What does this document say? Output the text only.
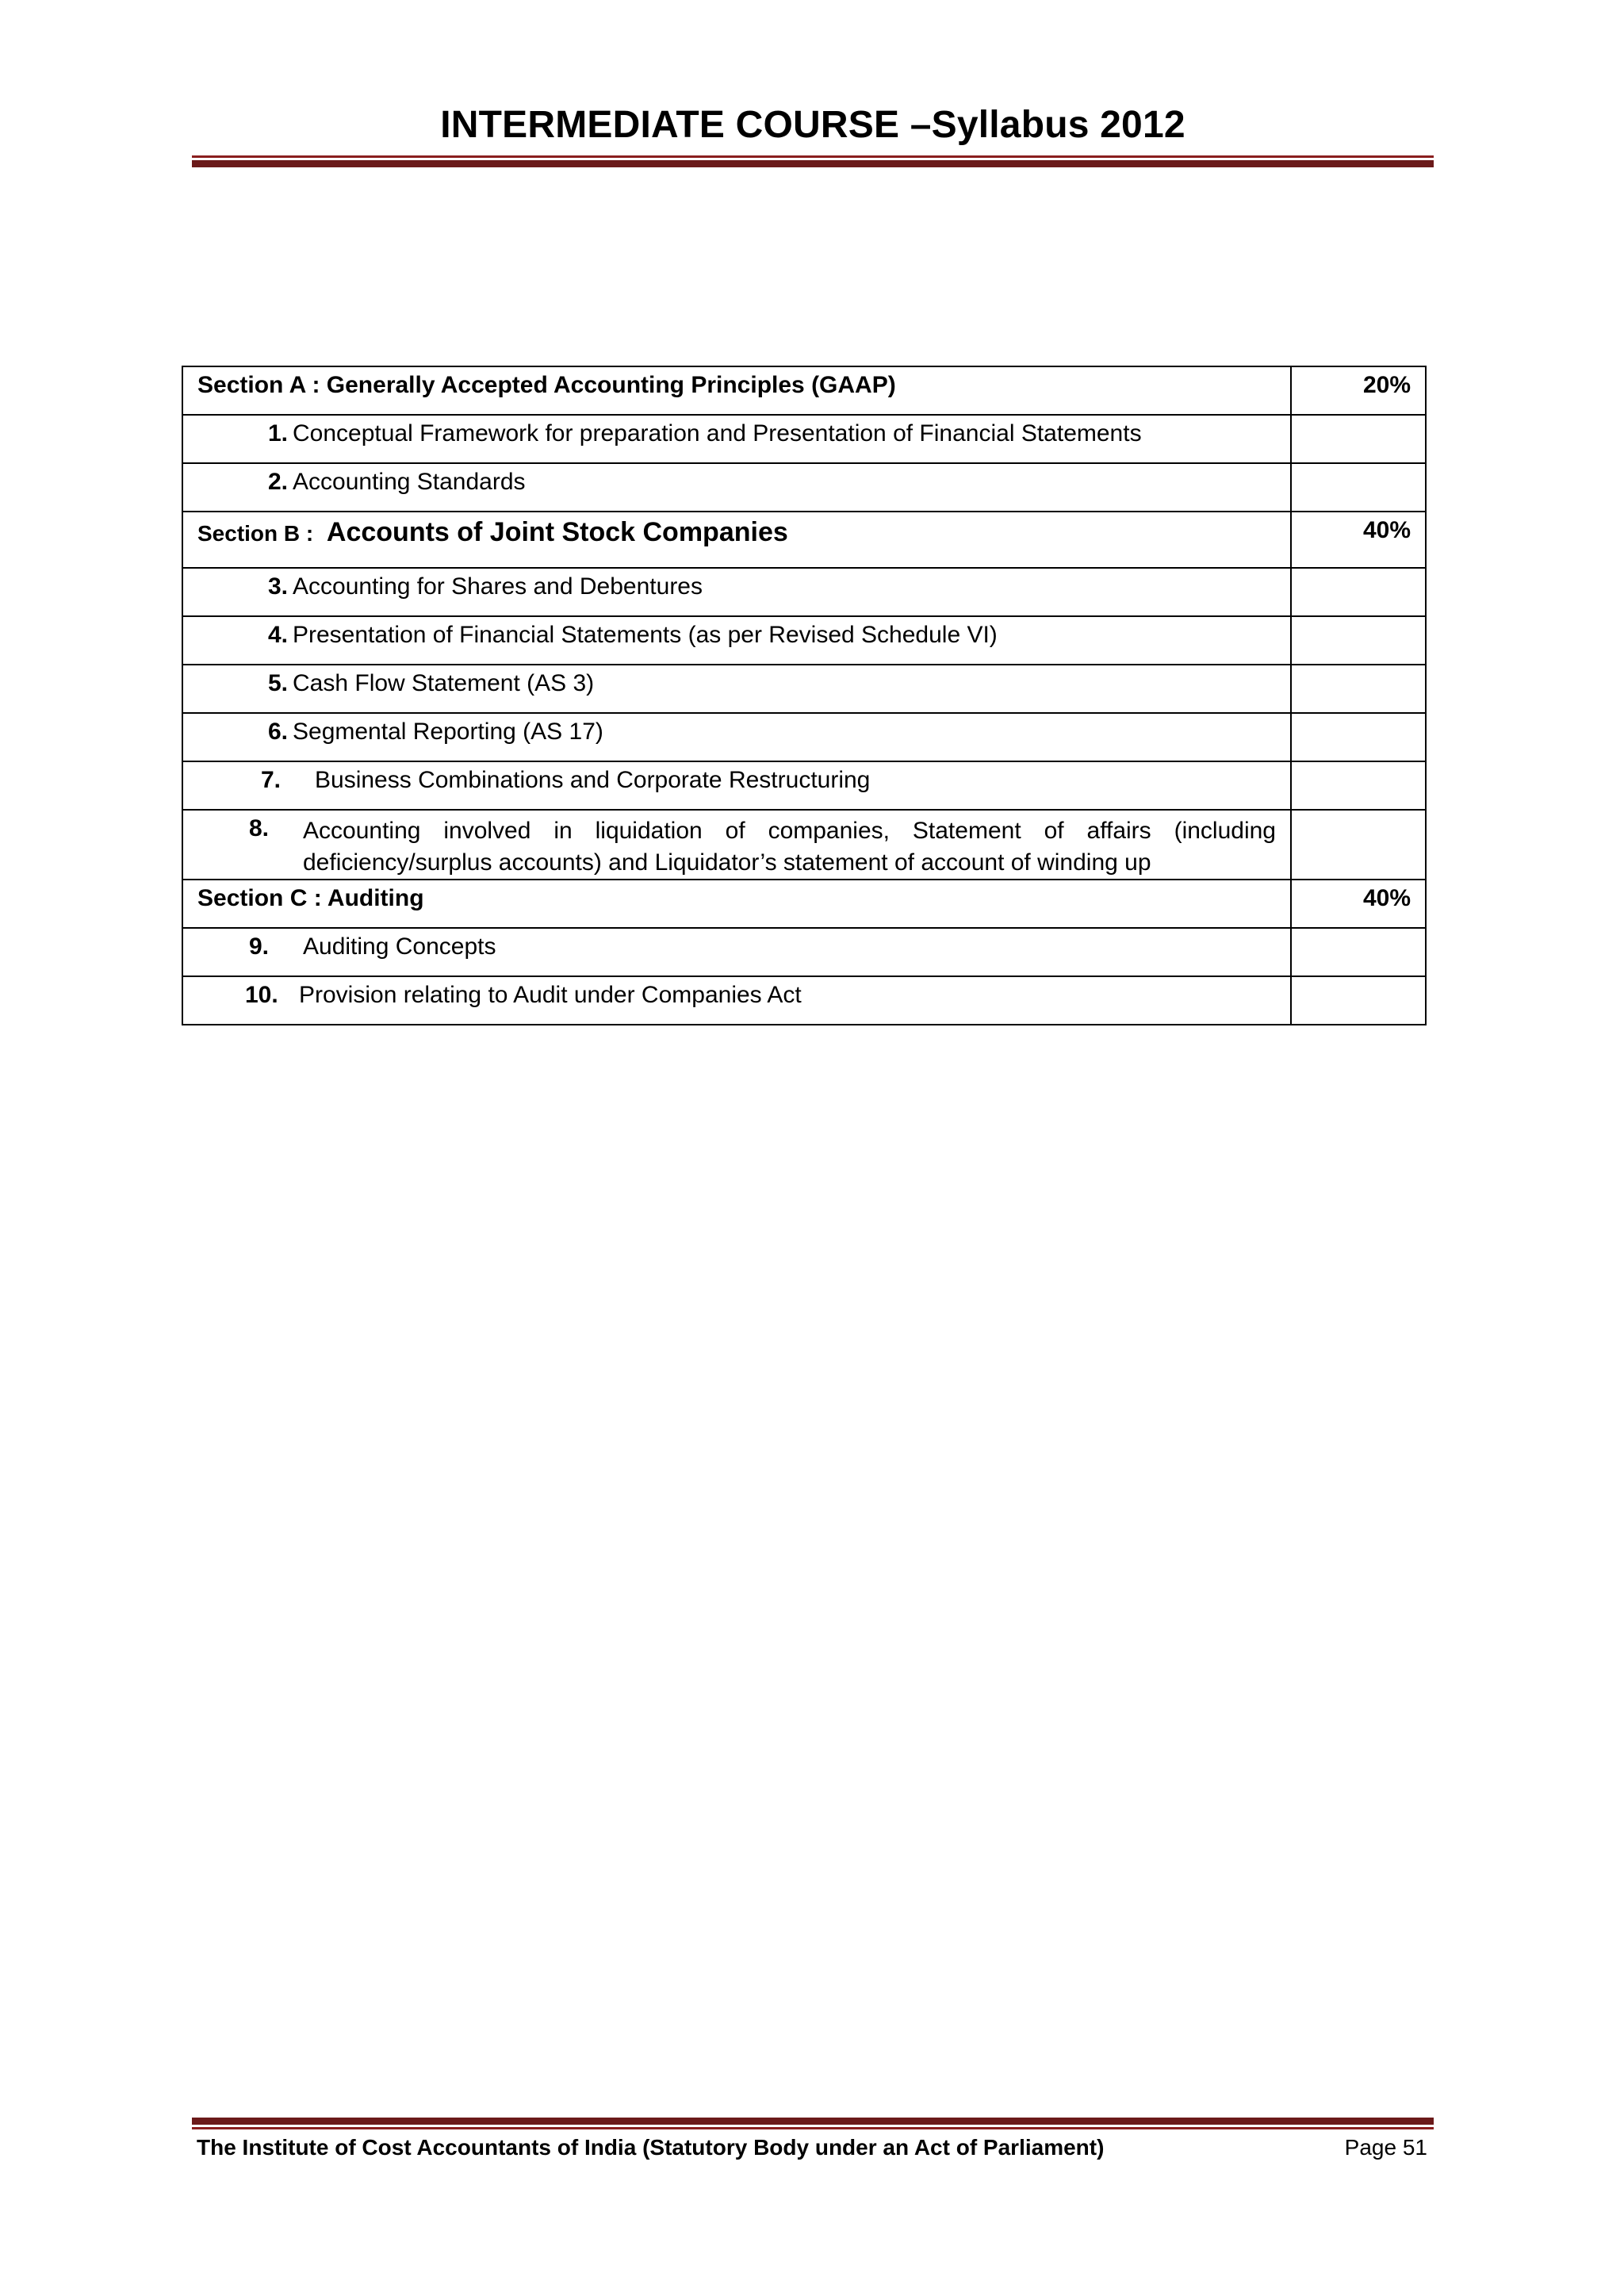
INTERMEDIATE COURSE –Syllabus 2012
Section A : Generally Accepted Accounting Principles (GAAP)	20%
1. Conceptual Framework for preparation and Presentation of Financial Statements	
2. Accounting Standards	
Section B : Accounts of Joint Stock Companies	40%
3. Accounting for Shares and Debentures	
4. Presentation of Financial Statements (as per Revised Schedule VI)	
5. Cash Flow Statement (AS 3)	
6. Segmental Reporting (AS 17)	
7. Business Combinations and Corporate Restructuring	

8. Accounting involved in liquidation of companies, Statement of affairs (including deficiency/surplus accounts) and Liquidator’s statement of account of winding up	

Section C : Auditing	40%
9. Auditing Concepts	
10. Provision relating to Audit under Companies Act	
The Institute of Cost Accountants of India (Statutory Body under an Act of Parliament)	Page 51
